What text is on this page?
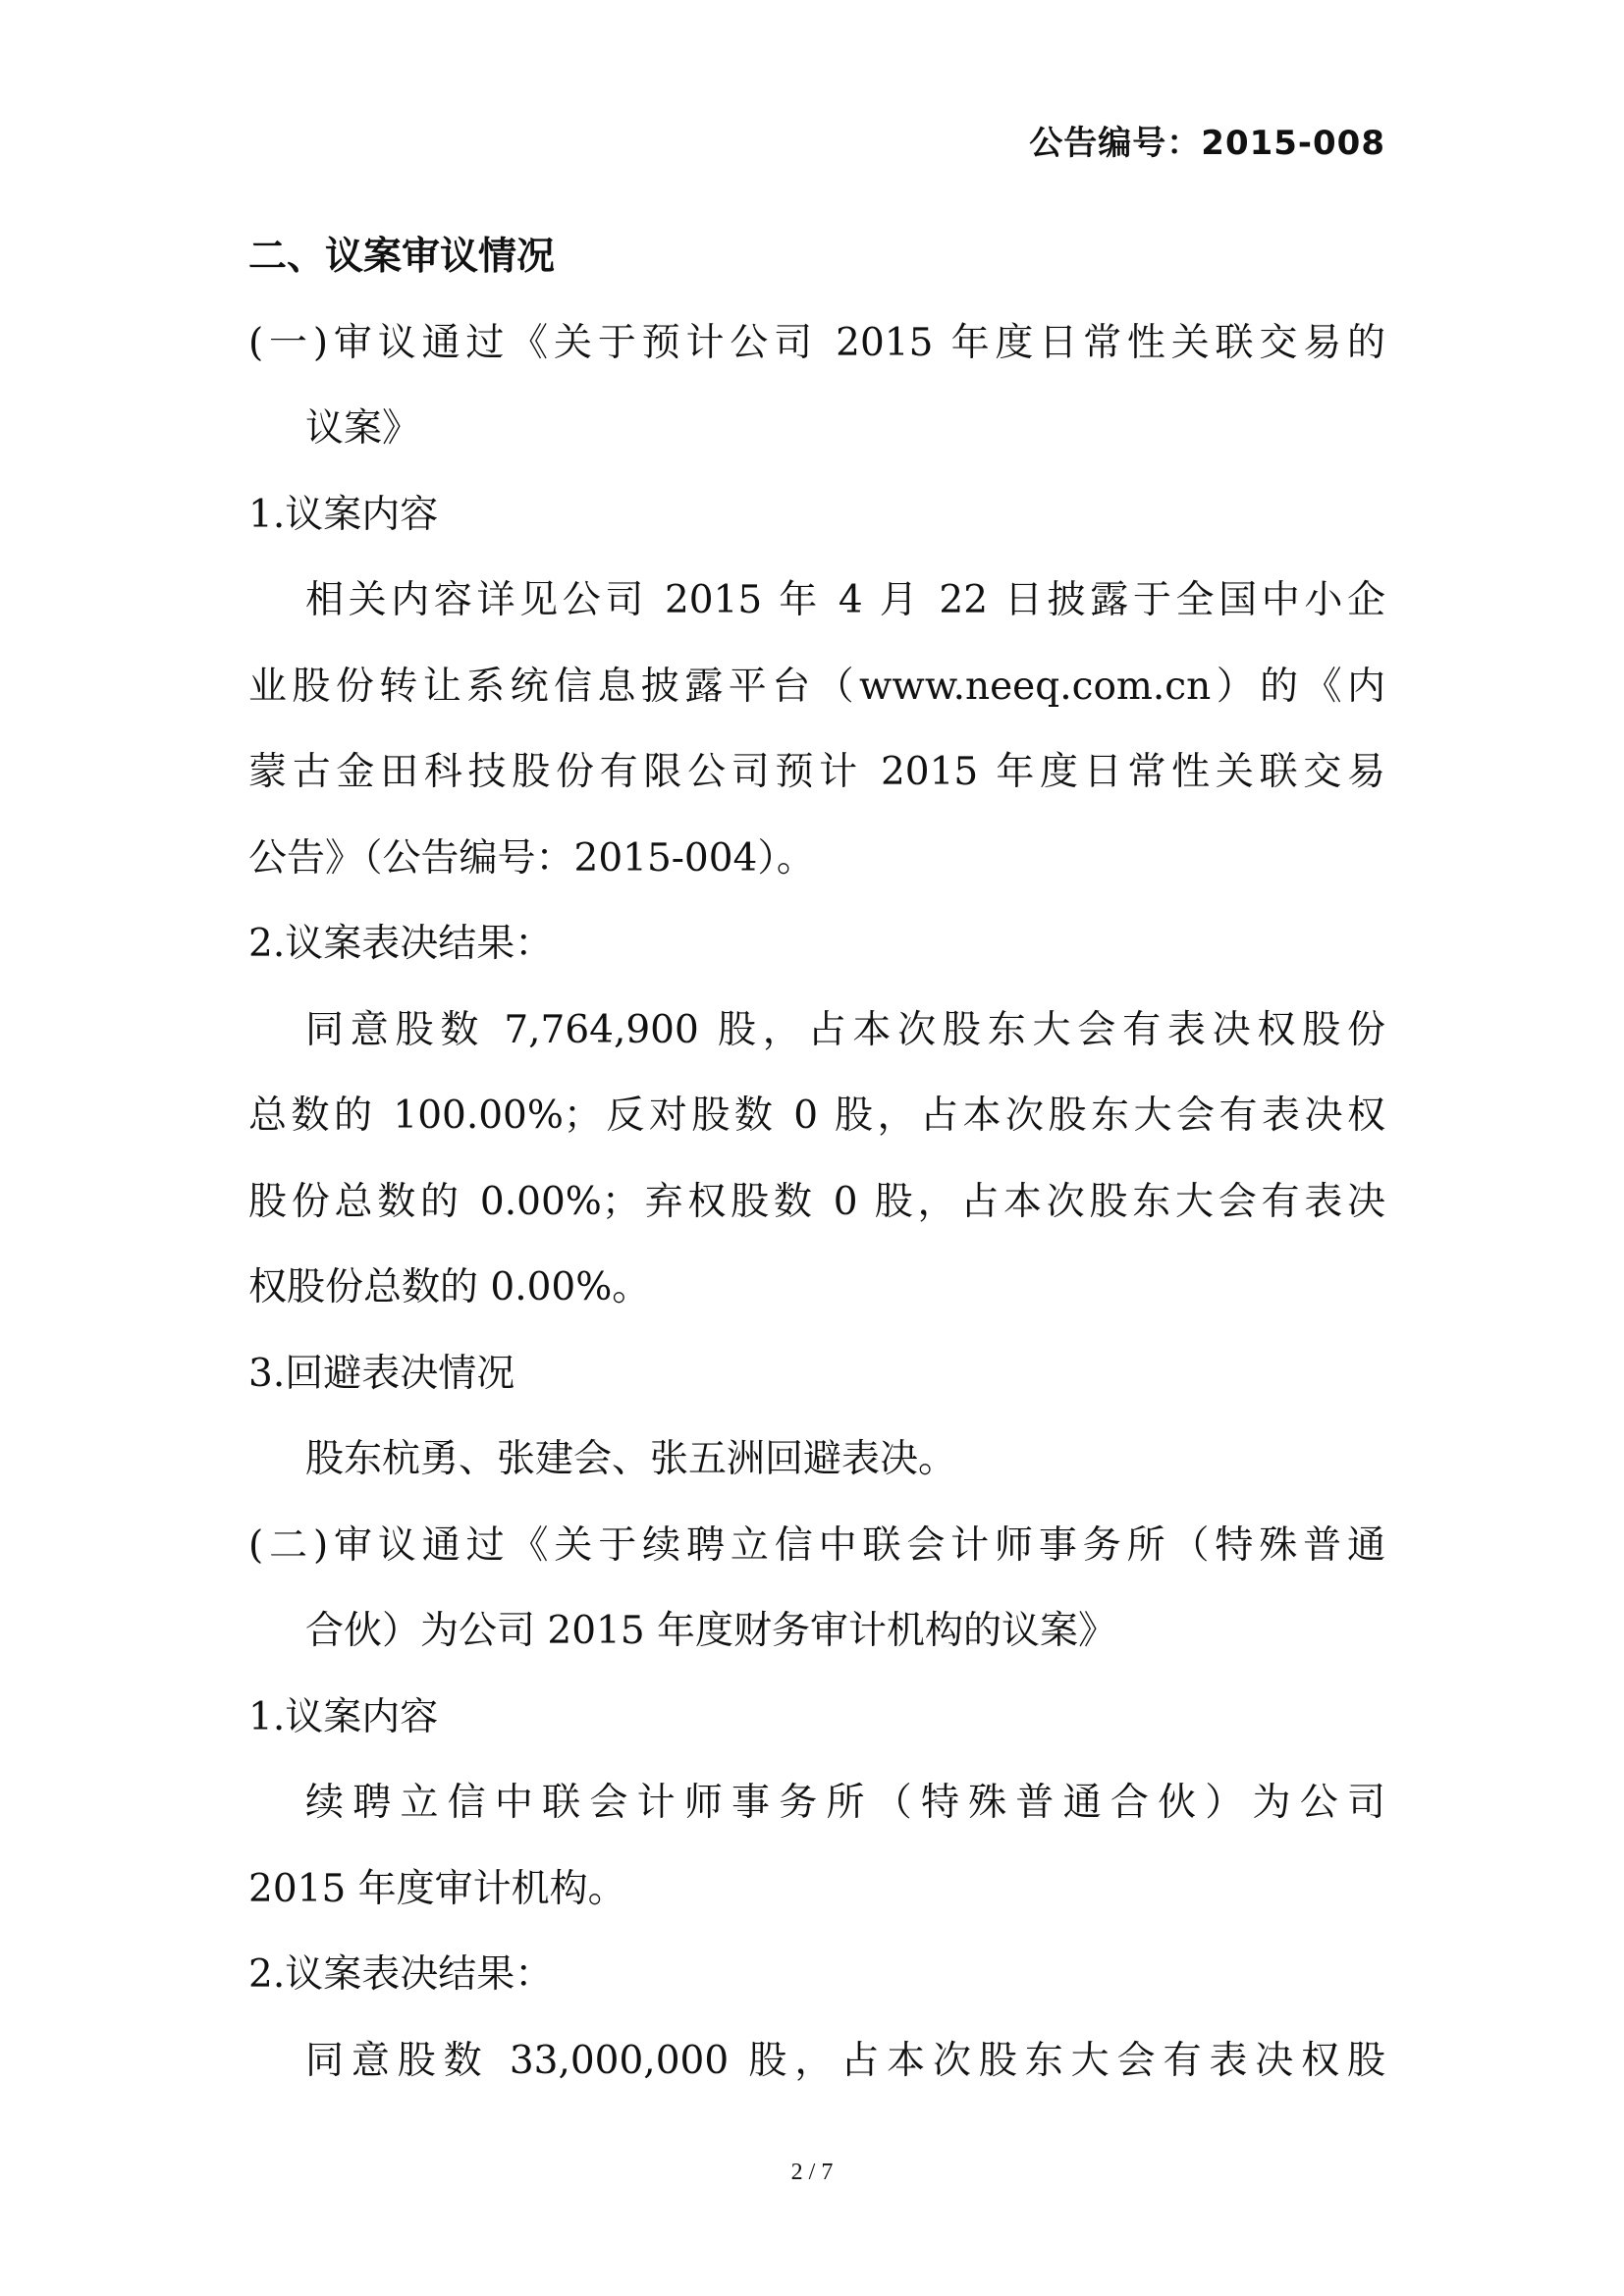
公告编号：2015-008
二、议案审议情况
(一)审议通过《关于预计公司 2015 年度日常性关联交易的
议案》
1.议案内容
相关内容详见公司 2015 年 4 月 22 日披露于全国中小企
业股份转让系统信息披露平台（www.neeq.com.cn）的《内
蒙古金田科技股份有限公司预计 2015 年度日常性关联交易
公告》（公告编号：2015-004）。
2.议案表决结果：
同意股数 7,764,900 股，占本次股东大会有表决权股份
总数的 100.00%；反对股数 0 股，占本次股东大会有表决权
股份总数的 0.00%；弃权股数 0 股，占本次股东大会有表决
权股份总数的 0.00%。
3.回避表决情况
股东杭勇、张建会、张五洲回避表决。
(二)审议通过《关于续聘立信中联会计师事务所（特殊普通
合伙）为公司 2015 年度财务审计机构的议案》
1.议案内容
续聘立信中联会计师事务所（特殊普通合伙）为公司
2015 年度审计机构。
2.议案表决结果：
同意股数 33,000,000 股，占本次股东大会有表决权股
2 / 7
